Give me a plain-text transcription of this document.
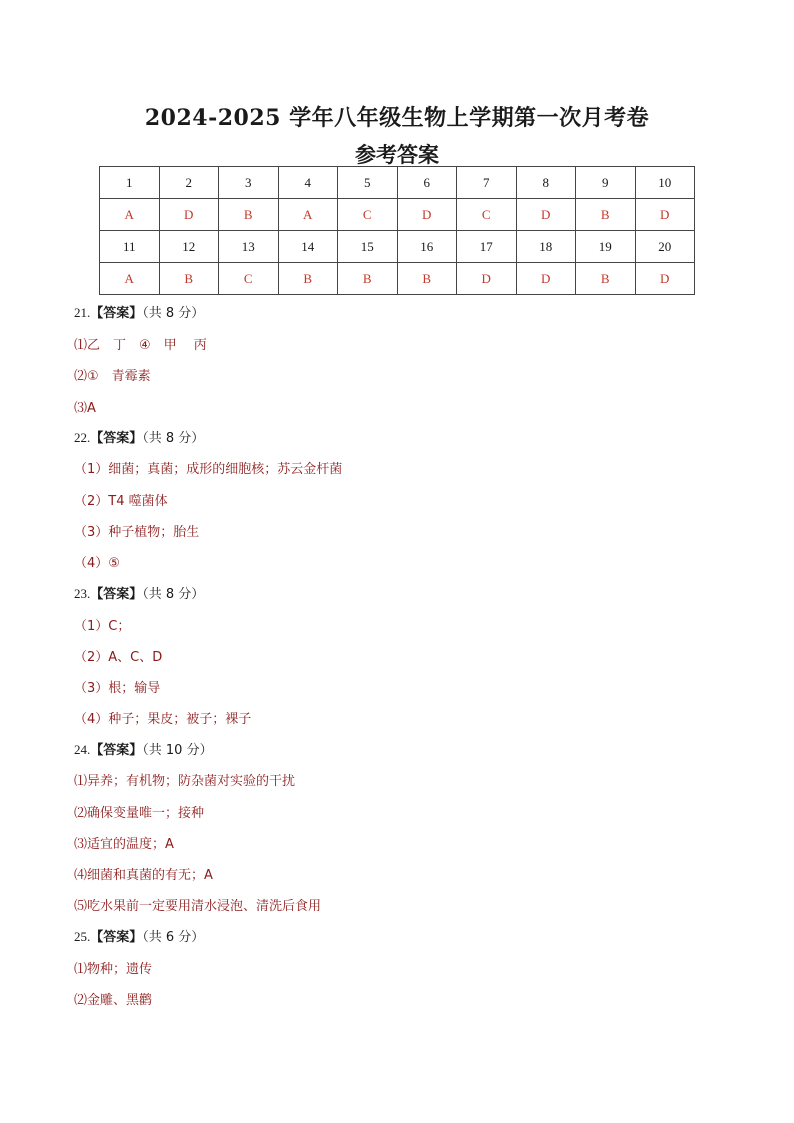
2024-2025 学年八年级生物上学期第一次月考卷
参考答案
1	2	3	4	5	6	7	8	9	10
A	D	B	A	C	D	C	D	B	D
11	12	13	14	15	16	17	18	19	20
A	B	C	B	B	B	D	D	B	D
21.【答案】（共 8 分）
⑴乙　丁　④　甲　 丙
⑵①　青霉素
⑶A
22.【答案】（共 8 分）
（1）细菌；真菌；成形的细胞核；苏云金杆菌
（2）T4 噬菌体
（3）种子植物；胎生
（4）⑤
23.【答案】（共 8 分）
（1）C；
（2）A、C、D
（3）根；输导
（4）种子；果皮；被子；裸子
24.【答案】（共 10 分）
⑴异养；有机物；防杂菌对实验的干扰
⑵确保变量唯一；接种
⑶适宜的温度；A
⑷细菌和真菌的有无；A
⑸吃水果前一定要用清水浸泡、清洗后食用
25.【答案】（共 6 分）
⑴物种；遗传
⑵金雕、黑鹳
